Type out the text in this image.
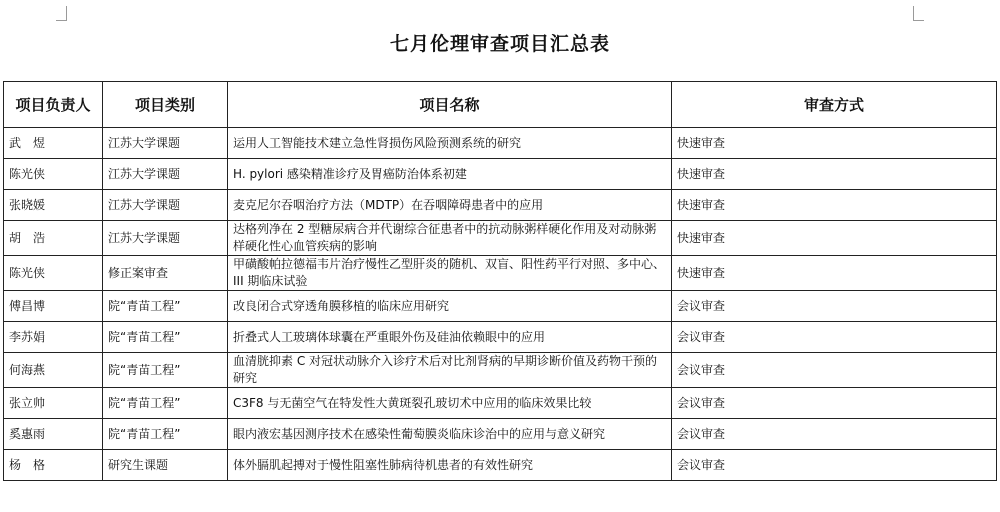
七月伦理审查项目汇总表
项目负责人	项目类别	项目名称	审查方式
武　煜	江苏大学课题	运用人工智能技术建立急性肾损伤风险预测系统的研究	快速审查
陈光侠	江苏大学课题	H. pylori 感染精准诊疗及胃癌防治体系初建	快速审查
张晓媛	江苏大学课题	麦克尼尔吞咽治疗方法（MDTP）在吞咽障碍患者中的应用	快速审查
胡　浩	江苏大学课题	达格列净在 2 型糖尿病合并代谢综合征患者中的抗动脉粥样硬化作用及对动脉粥样硬化性心血管疾病的影响	快速审查
陈光侠	修正案审查	甲磺酸帕拉德福韦片治疗慢性乙型肝炎的随机、双盲、阳性药平行对照、多中心、III 期临床试验	快速审查
傅昌博	院“青苗工程”	改良闭合式穿透角膜移植的临床应用研究	会议审查
李苏娟	院“青苗工程”	折叠式人工玻璃体球囊在严重眼外伤及硅油依赖眼中的应用	会议审查
何海燕	院“青苗工程”	血清胱抑素 C 对冠状动脉介入诊疗术后对比剂肾病的早期诊断价值及药物干预的研究	会议审查
张立帅	院“青苗工程”	C3F8 与无菌空气在特发性大黄斑裂孔玻切术中应用的临床效果比较	会议审查
奚惠雨	院“青苗工程”	眼内液宏基因测序技术在感染性葡萄膜炎临床诊治中的应用与意义研究	会议审查
杨　格	研究生课题	体外膈肌起搏对于慢性阻塞性肺病待机患者的有效性研究	会议审查
